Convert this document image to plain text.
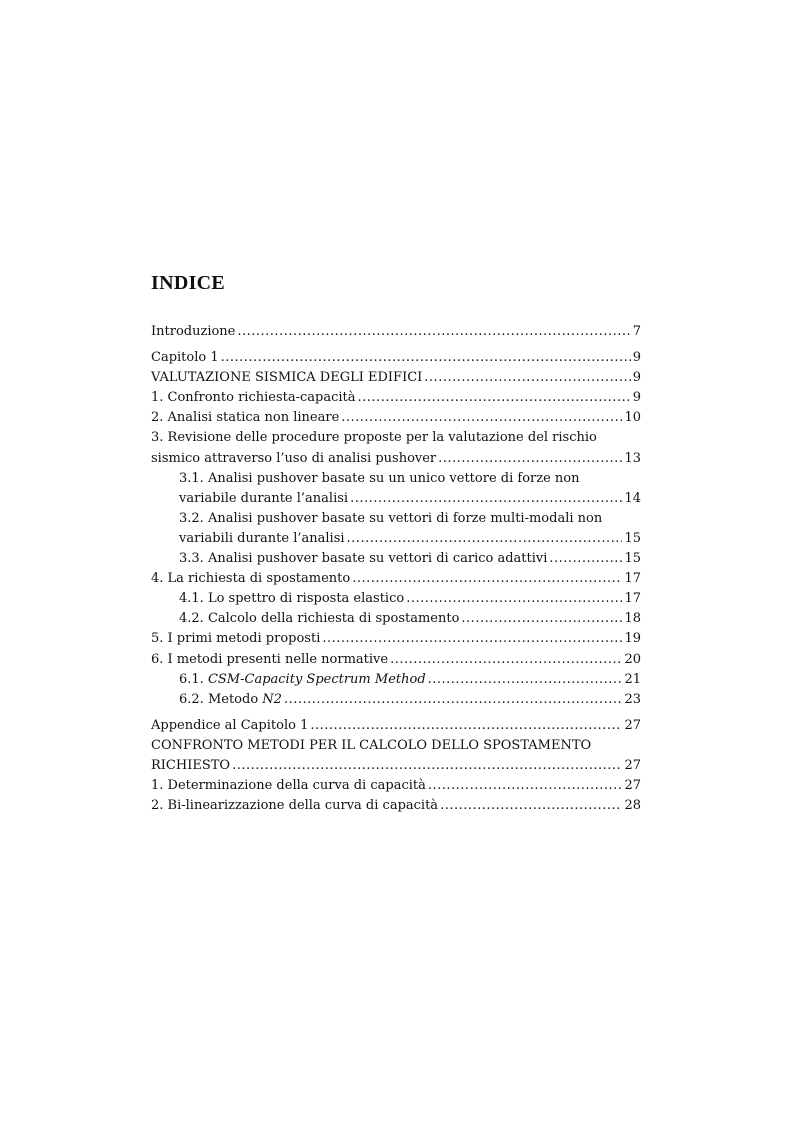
INDICE
Introduzione .....	7
Capitolo 1 .....	9
VALUTAZIONE SISMICA DEGLI EDIFICI .....	9
1. Confronto richiesta-capacità .....	9
2. Analisi statica non lineare .....	10
3. Revisione delle procedure proposte per la valutazione del rischio
sismico attraverso l’uso di analisi pushover .....	13
3.1. Analisi pushover basate su un unico vettore di forze non
variabile durante l’analisi .....	14
3.2. Analisi pushover basate su vettori di forze multi-modali non
variabili durante l’analisi .....	15
3.3. Analisi pushover basate su vettori di carico adattivi .....	15
4. La richiesta di spostamento .....	17
4.1. Lo spettro di risposta elastico .....	17
4.2. Calcolo della richiesta di spostamento .....	18
5. I primi metodi proposti .....	19
6. I metodi presenti nelle normative .....	20
6.1. CSM-Capacity Spectrum Method .....	21
6.2. Metodo N2 .....	23
Appendice al Capitolo 1 .....	27
CONFRONTO METODI PER IL CALCOLO DELLO SPOSTAMENTO
RICHIESTO .....	27
1. Determinazione della curva di capacità .....	27
2. Bi-linearizzazione della curva di capacità .....	28
